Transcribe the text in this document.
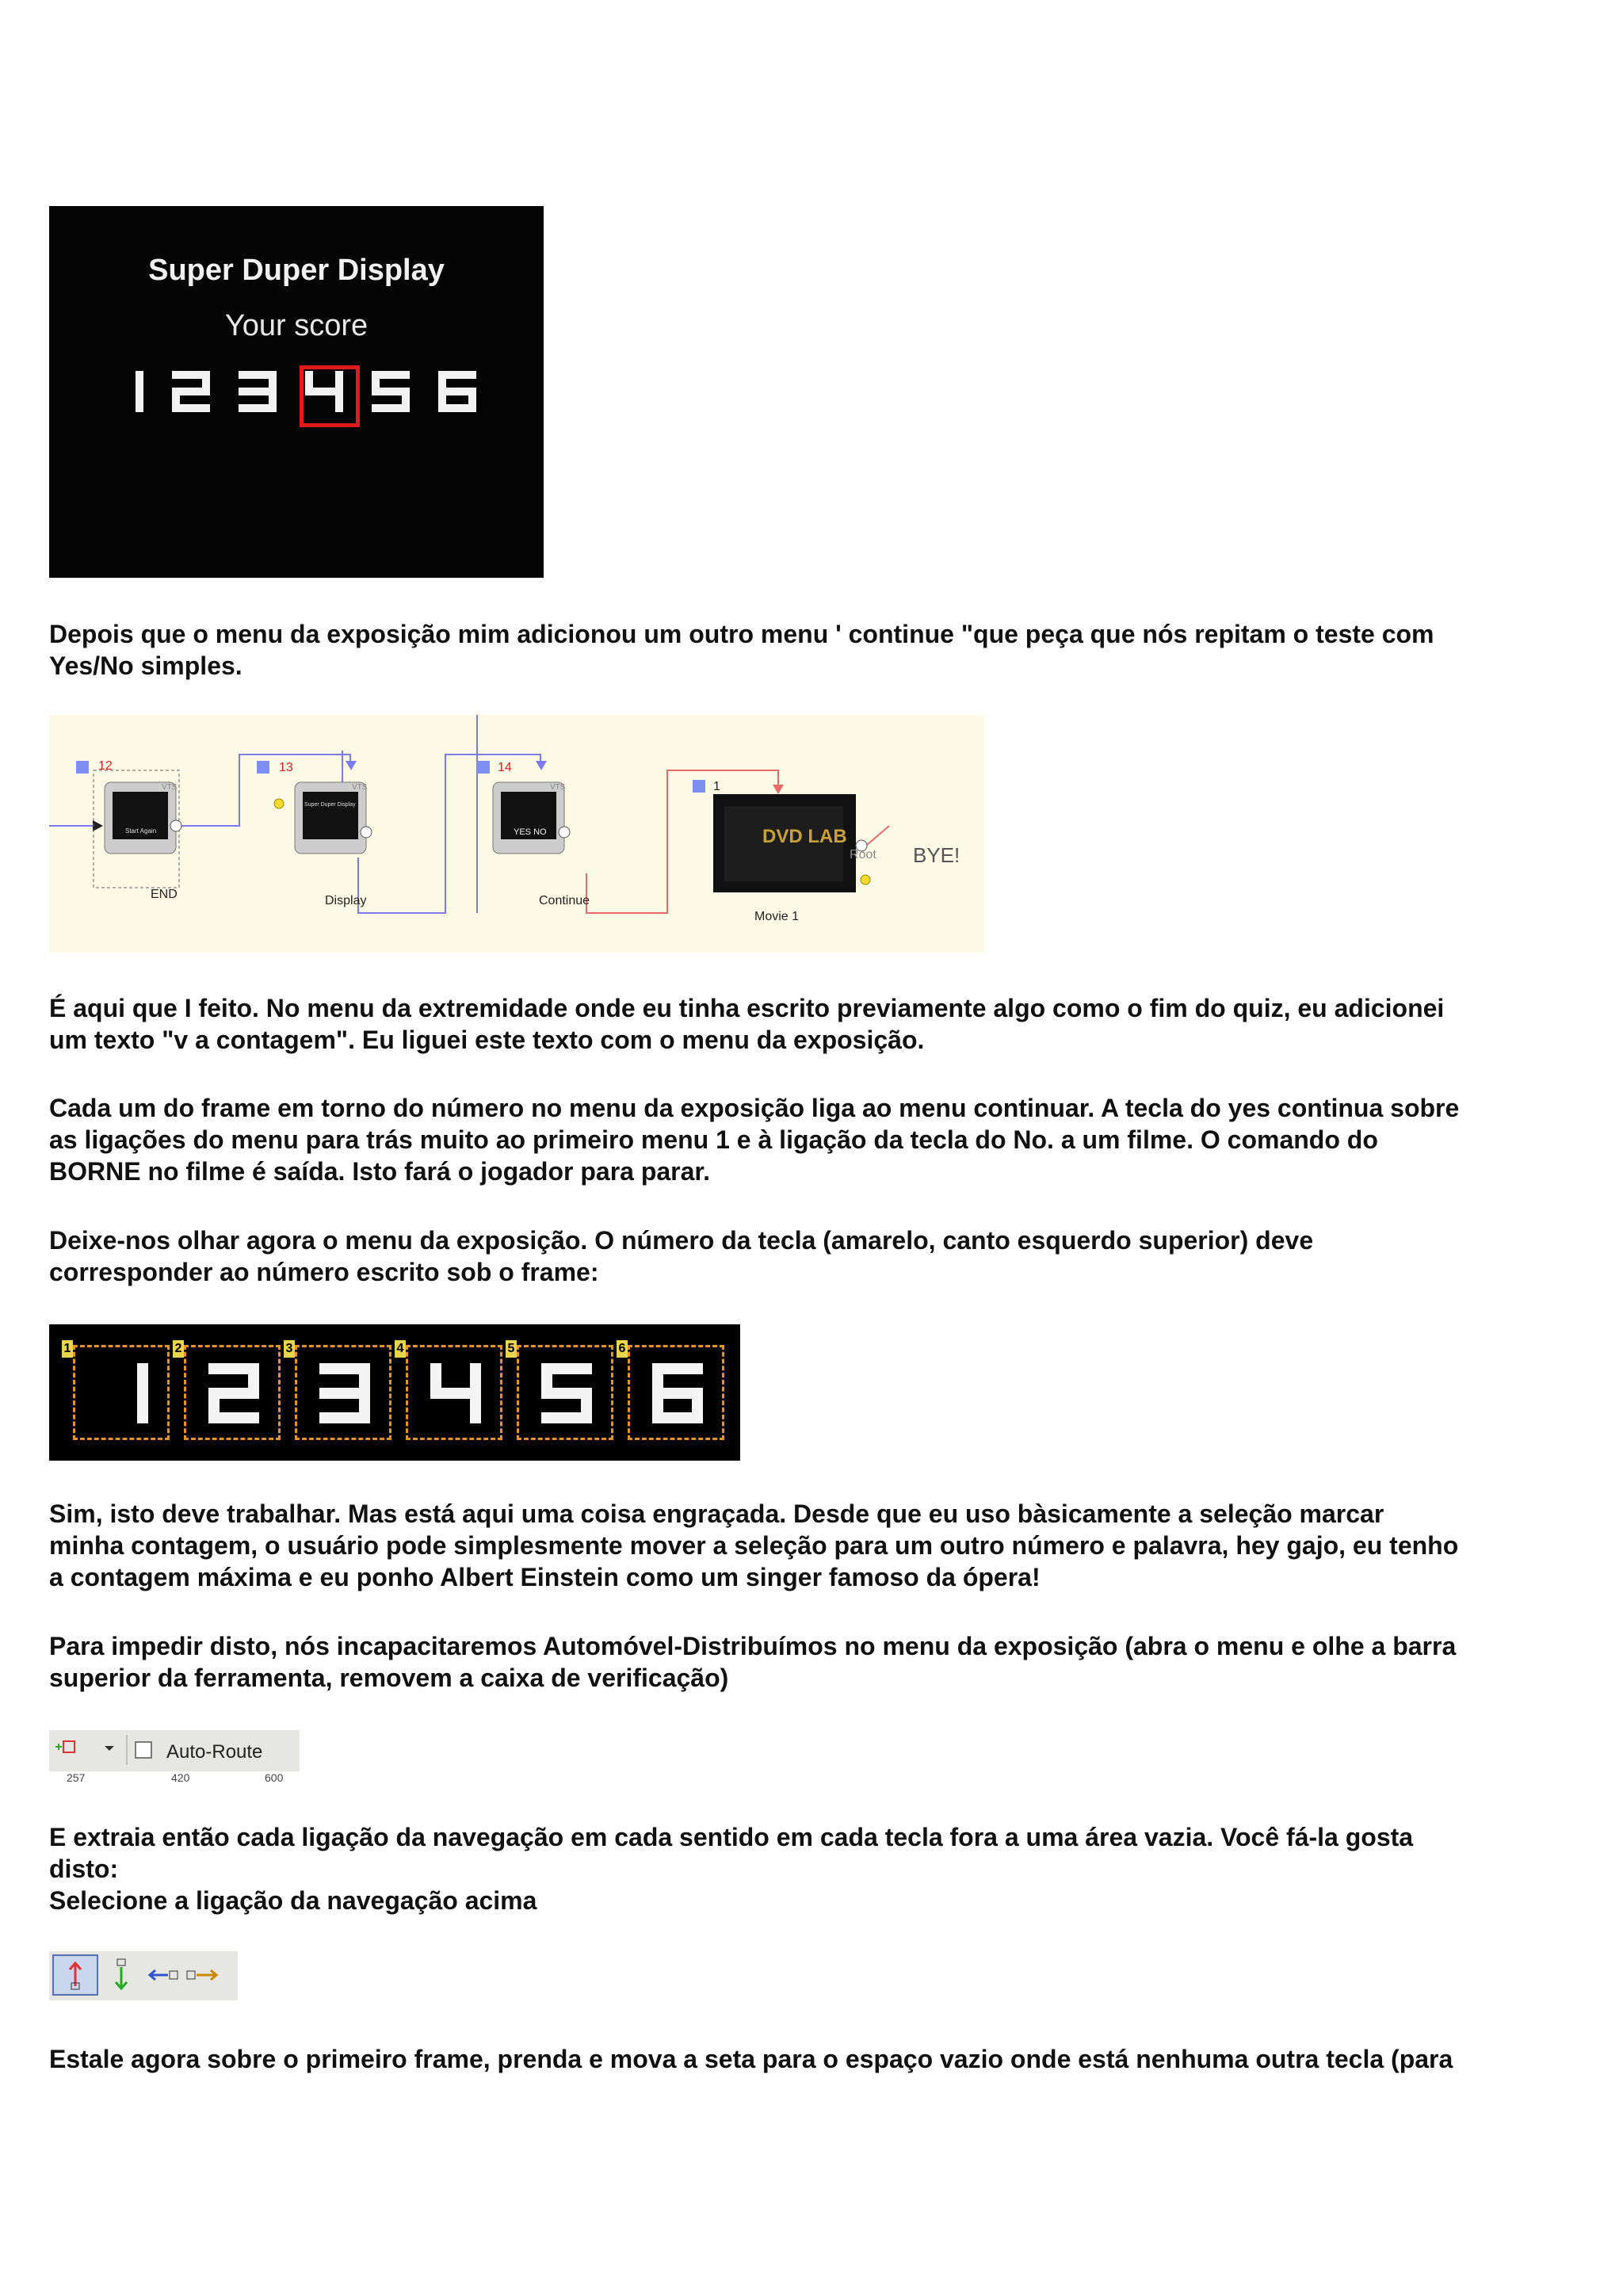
Super Duper Display
Your score

Depois que o menu da exposição mim adicionou um outro menu ' continue "que peça que nós repitam o teste com
Yes/No simples.

12	13	14
1
VTS	VTS	VTS
Start Again
Super Duper Display
YES NO	DVD LAB
END	Display	Continue
Movie 1
Root BYE!

É aqui que I feito. No menu da extremidade onde eu tinha escrito previamente algo como o fim do quiz, eu adicionei
um texto "v a contagem". Eu liguei este texto com o menu da exposição.

Cada um do frame em torno do número no menu da exposição liga ao menu continuar. A tecla do yes continua sobre
as ligações do menu para trás muito ao primeiro menu 1 e à ligação da tecla do No. a um filme. O comando do
BORNE no filme é saída. Isto fará o jogador para parar.

Deixe-nos olhar agora o menu da exposição. O número da tecla (amarelo, canto esquerdo superior) deve
corresponder ao número escrito sob o frame:

1	2	3	4	5	6

Sim, isto deve trabalhar. Mas está aqui uma coisa engraçada. Desde que eu uso bàsicamente a seleção marcar
minha contagem, o usuário pode simplesmente mover a seleção para um outro número e palavra, hey gajo, eu tenho
a contagem máxima e eu ponho Albert Einstein como um singer famoso da ópera!

Para impedir disto, nós incapacitaremos Automóvel-Distribuímos no menu da exposição (abra o menu e olhe a barra
superior da ferramenta, removem a caixa de verificação)

Auto-Route
257	420	600

E extraia então cada ligação da navegação em cada sentido em cada tecla fora a uma área vazia. Você fá-la gosta
disto:
Selecione a ligação da navegação acima

Estale agora sobre o primeiro frame, prenda e mova a seta para o espaço vazio onde está nenhuma outra tecla (para
